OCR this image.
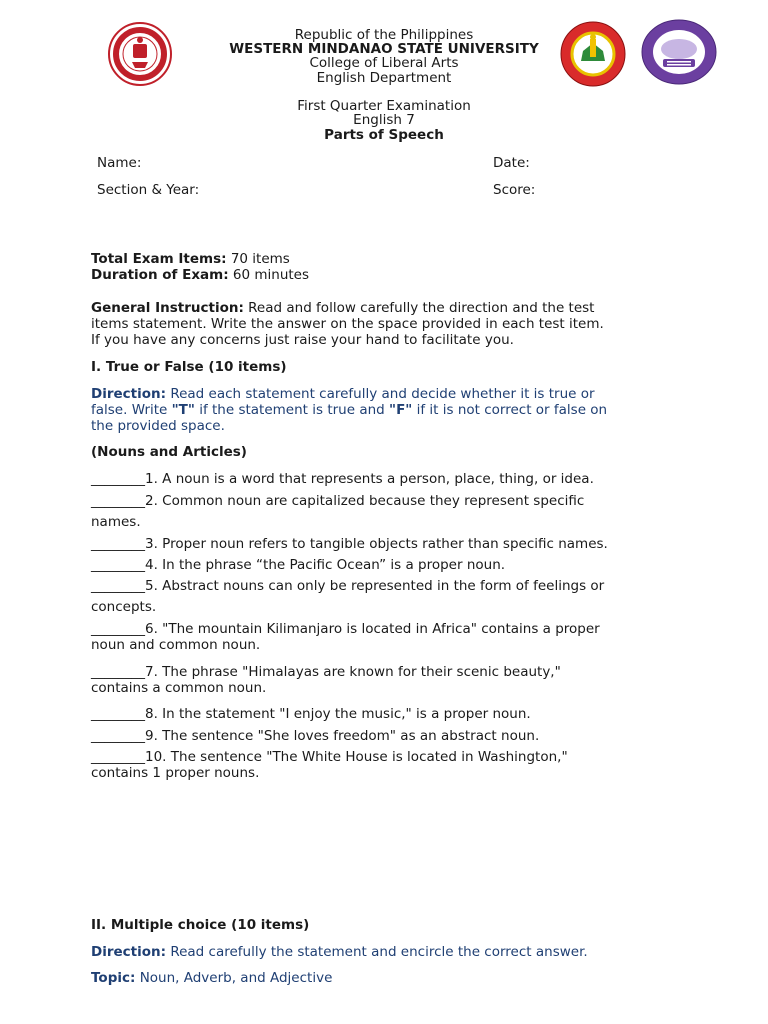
Republic of the Philippines
WESTERN MINDANAO STATE UNIVERSITY
College of Liberal Arts
English Department
First Quarter Examination
English 7
Parts of Speech
Name:	Date:
Section & Year:	Score:
Total Exam Items: 70 items
Duration of Exam: 60 minutes
General Instruction: Read and follow carefully the direction and the test
items statement. Write the answer on the space provided in each test item.
If you have any concerns just raise your hand to facilitate you.
I. True or False (10 items)
Direction: Read each statement carefully and decide whether it is true or
false. Write "T" if the statement is true and "F" if it is not correct or false on
the provided space.
(Nouns and Articles)
________1. A noun is a word that represents a person, place, thing, or idea.
________2. Common noun are capitalized because they represent specific
names.
________3. Proper noun refers to tangible objects rather than specific names.
________4. In the phrase “the Pacific Ocean” is a proper noun.
________5. Abstract nouns can only be represented in the form of feelings or
concepts.
________6. "The mountain Kilimanjaro is located in Africa" contains a proper
noun and common noun.
________7. The phrase "Himalayas are known for their scenic beauty,"
contains a common noun.
________8. In the statement "I enjoy the music," is a proper noun.
________9. The sentence "She loves freedom" as an abstract noun.
________10. The sentence "The White House is located in Washington,"
contains 1 proper nouns.
II. Multiple choice (10 items)
Direction: Read carefully the statement and encircle the correct answer.
Topic: Noun, Adverb, and Adjective
